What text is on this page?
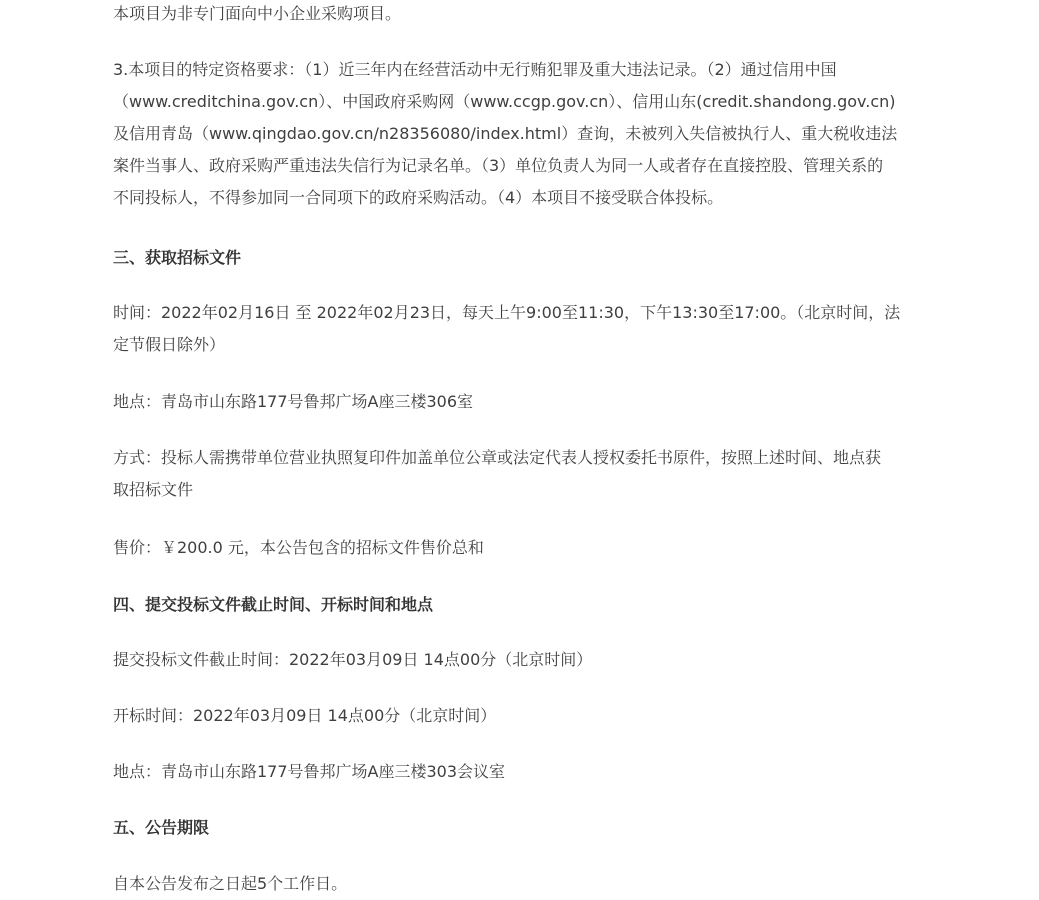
本项目为非专门面向中小企业采购项目。
3.本项目的特定资格要求：（1）近三年内在经营活动中无行贿犯罪及重大违法记录。（2）通过信用中国
（www.creditchina.gov.cn）、中国政府采购网（www.ccgp.gov.cn）、信用山东(credit.shandong.gov.cn)
及信用青岛（www.qingdao.gov.cn/n28356080/index.html）查询，未被列入失信被执行人、重大税收违法
案件当事人、政府采购严重违法失信行为记录名单。（3）单位负责人为同一人或者存在直接控股、管理关系的
不同投标人，不得参加同一合同项下的政府采购活动。（4）本项目不接受联合体投标。
三、获取招标文件
时间：2022年02月16日 至 2022年02月23日，每天上午9:00至11:30，下午13:30至17:00。（北京时间，法
定节假日除外）
地点：青岛市山东路177号鲁邦广场A座三楼306室
方式：投标人需携带单位营业执照复印件加盖单位公章或法定代表人授权委托书原件，按照上述时间、地点获
取招标文件
售价：￥200.0 元，本公告包含的招标文件售价总和
四、提交投标文件截止时间、开标时间和地点
提交投标文件截止时间：2022年03月09日 14点00分（北京时间）
开标时间：2022年03月09日 14点00分（北京时间）
地点：青岛市山东路177号鲁邦广场A座三楼303会议室
五、公告期限
自本公告发布之日起5个工作日。
